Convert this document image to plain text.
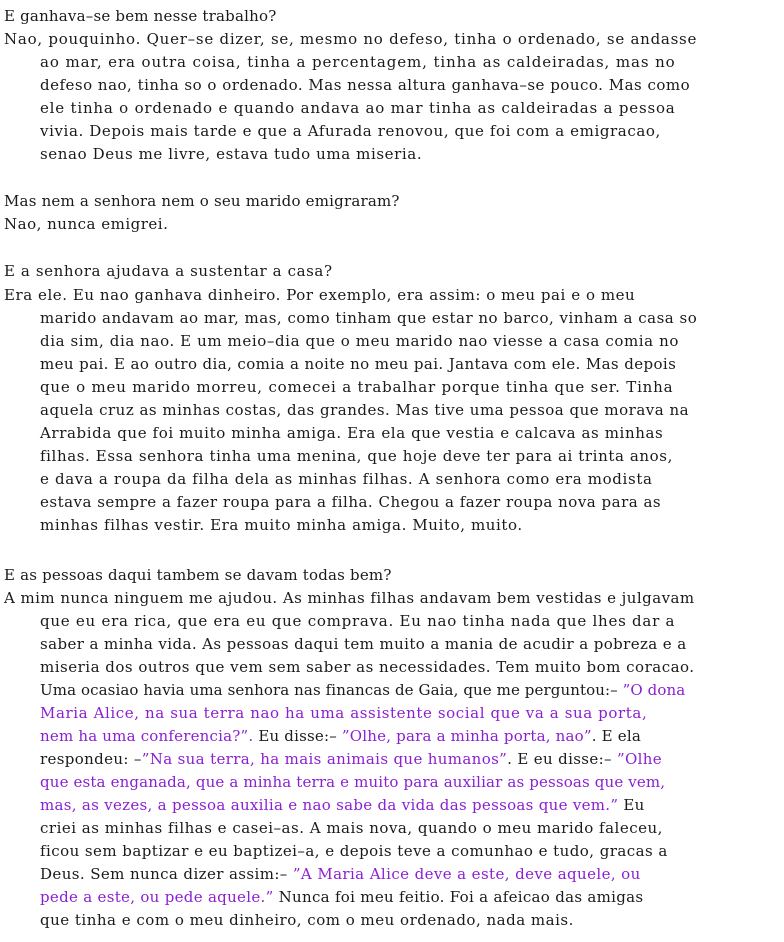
E ganhava–se bem nesse trabalho?
Nao, pouquinho. Quer–se dizer, se, mesmo no defeso, tinha o ordenado, se andasse
ao mar, era outra coisa, tinha a percentagem, tinha as caldeiradas, mas no
defeso nao, tinha so o ordenado. Mas nessa altura ganhava–se pouco. Mas como
ele tinha o ordenado e quando andava ao mar tinha as caldeiradas a pessoa
vivia. Depois mais tarde e que a Afurada renovou, que foi com a emigracao,
senao Deus me livre, estava tudo uma miseria.
Mas nem a senhora nem o seu marido emigraram?
Nao, nunca emigrei.
E a senhora ajudava a sustentar a casa?
Era ele. Eu nao ganhava dinheiro. Por exemplo, era assim: o meu pai e o meu
marido andavam ao mar, mas, como tinham que estar no barco, vinham a casa so
dia sim, dia nao. E um meio–dia que o meu marido nao viesse a casa comia no
meu pai. E ao outro dia, comia a noite no meu pai. Jantava com ele. Mas depois
que o meu marido morreu, comecei a trabalhar porque tinha que ser. Tinha
aquela cruz as minhas costas, das grandes. Mas tive uma pessoa que morava na
Arrabida que foi muito minha amiga. Era ela que vestia e calcava as minhas
filhas. Essa senhora tinha uma menina, que hoje deve ter para ai trinta anos,
e dava a roupa da filha dela as minhas filhas. A senhora como era modista
estava sempre a fazer roupa para a filha. Chegou a fazer roupa nova para as
minhas filhas vestir. Era muito minha amiga. Muito, muito.
E as pessoas daqui tambem se davam todas bem?
A mim nunca ninguem me ajudou. As minhas filhas andavam bem vestidas e julgavam
que eu era rica, que era eu que comprava. Eu nao tinha nada que lhes dar a
saber a minha vida. As pessoas daqui tem muito a mania de acudir a pobreza e a
miseria dos outros que vem sem saber as necessidades. Tem muito bom coracao.
Uma ocasiao havia uma senhora nas financas de Gaia, que me perguntou:– ”O dona
Maria Alice, na sua terra nao ha uma assistente social que va a sua porta,
nem ha uma conferencia?”. Eu disse:– ”Olhe, para a minha porta, nao”. E ela
respondeu: –”Na sua terra, ha mais animais que humanos”. E eu disse:– ”Olhe
que esta enganada, que a minha terra e muito para auxiliar as pessoas que vem,
mas, as vezes, a pessoa auxilia e nao sabe da vida das pessoas que vem.” Eu
criei as minhas filhas e casei–as. A mais nova, quando o meu marido faleceu,
ficou sem baptizar e eu baptizei–a, e depois teve a comunhao e tudo, gracas a
Deus. Sem nunca dizer assim:– ”A Maria Alice deve a este, deve aquele, ou
pede a este, ou pede aquele.” Nunca foi meu feitio. Foi a afeicao das amigas
que tinha e com o meu dinheiro, com o meu ordenado, nada mais.
